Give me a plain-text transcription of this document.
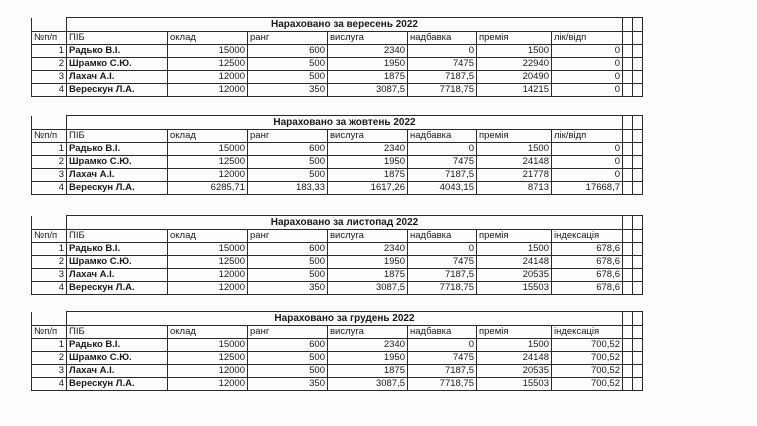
	Нараховано за вересень 2022								
№п/п	ПІБ	оклад	ранг	вислуга	надбавка	премія	лік/відп		
1	Радько В.І.	15000	600	2340	0	1500	0		
2	Шрамко С.Ю.	12500	500	1950	7475	22940	0		
3	Лахач А.І.	12000	500	1875	7187,5	20490	0		
4	Верескун Л.А.	12000	350	3087,5	7718,75	14215	0		
	Нараховано за жовтень 2022								
№п/п	ПІБ	оклад	ранг	вислуга	надбавка	премія	лік/відп		
1	Радько В.І.	15000	600	2340	0	1500	0		
2	Шрамко С.Ю.	12500	500	1950	7475	24148	0		
3	Лахач А.І.	12000	500	1875	7187,5	21778	0		
4	Верескун Л.А.	6285,71	183,33	1617,26	4043,15	8713	17668,7		
	Нараховано за листопад 2022								
№п/п	ПІБ	оклад	ранг	вислуга	надбавка	премія	індексація		
1	Радько В.І.	15000	600	2340	0	1500	678,6		
2	Шрамко С.Ю.	12500	500	1950	7475	24148	678,6		
3	Лахач А.І.	12000	500	1875	7187,5	20535	678,6		
4	Верескун Л.А.	12000	350	3087,5	7718,75	15503	678,6		
	Нараховано за грудень 2022								
№п/п	ПІБ	оклад	ранг	вислуга	надбавка	премія	індексація		
1	Радько В.І.	15000	600	2340	0	1500	700,52		
2	Шрамко С.Ю.	12500	500	1950	7475	24148	700,52		
3	Лахач А.І.	12000	500	1875	7187,5	20535	700,52		
4	Верескун Л.А.	12000	350	3087,5	7718,75	15503	700,52		
